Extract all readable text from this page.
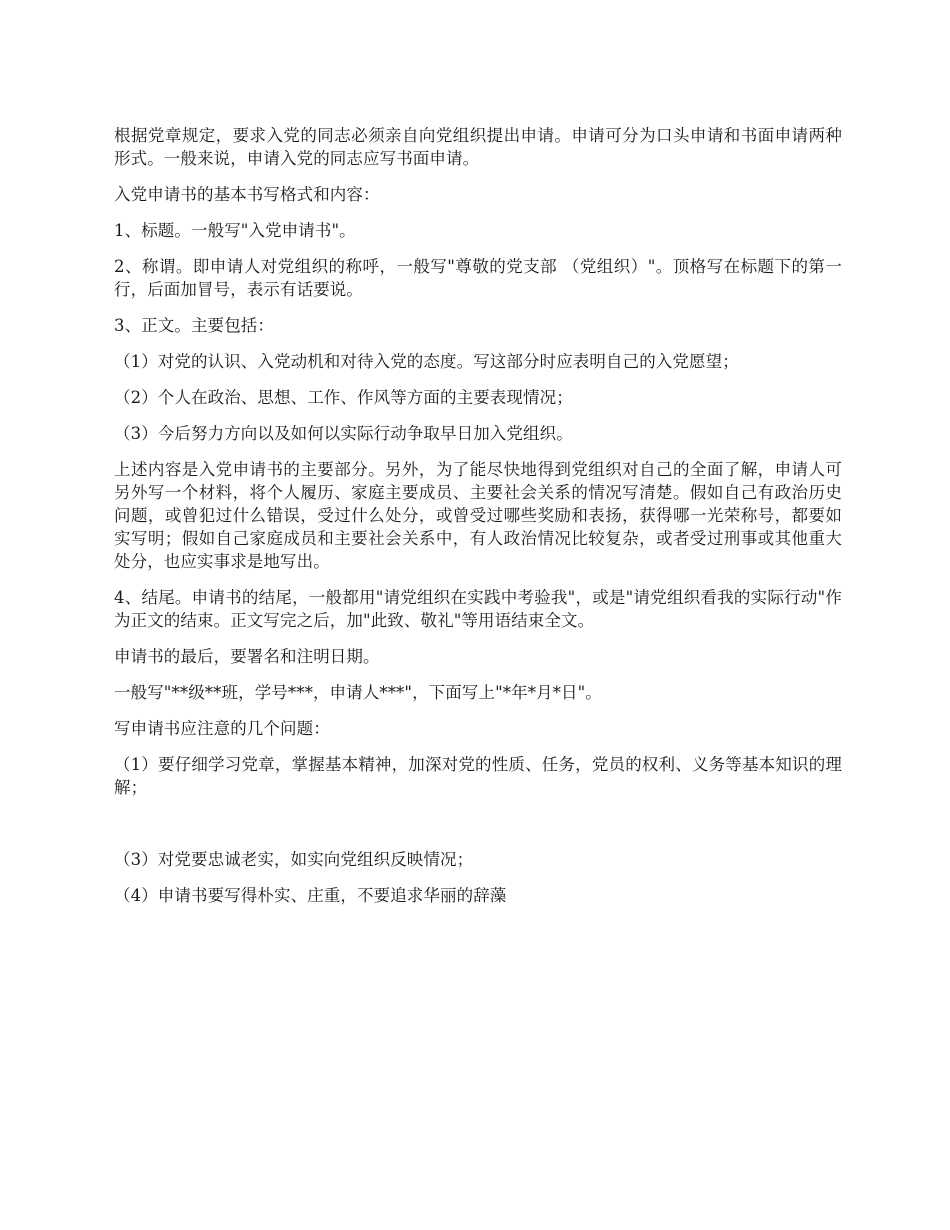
根据党章规定，要求入党的同志必须亲自向党组织提出申请。申请可分为口头申请和书面申请两种形式。一般来说，申请入党的同志应写书面申请。

入党申请书的基本书写格式和内容：

1、标题。一般写"入党申请书"。

2、称谓。即申请人对党组织的称呼，一般写"尊敬的党支部 （党组织）"。顶格写在标题下的第一行，后面加冒号，表示有话要说。

3、正文。主要包括：

（1）对党的认识、入党动机和对待入党的态度。写这部分时应表明自己的入党愿望；

（2）个人在政治、思想、工作、作风等方面的主要表现情况；

（3）今后努力方向以及如何以实际行动争取早日加入党组织。

上述内容是入党申请书的主要部分。另外，为了能尽快地得到党组织对自己的全面了解，申请人可另外写一个材料，将个人履历、家庭主要成员、主要社会关系的情况写清楚。假如自己有政治历史问题，或曾犯过什么错误，受过什么处分，或曾受过哪些奖励和表扬，获得哪一光荣称号，都要如实写明；假如自己家庭成员和主要社会关系中，有人政治情况比较复杂，或者受过刑事或其他重大处分，也应实事求是地写出。

4、结尾。申请书的结尾，一般都用"请党组织在实践中考验我"，或是"请党组织看我的实际行动"作为正文的结束。正文写完之后，加"此致、敬礼"等用语结束全文。

申请书的最后，要署名和注明日期。

一般写"**级**班，学号***，申请人***"，下面写上"*年*月*日"。

写申请书应注意的几个问题：

（1）要仔细学习党章，掌握基本精神，加深对党的性质、任务，党员的权利、义务等基本知识的理解；

（3）对党要忠诚老实，如实向党组织反映情况；

（4）申请书要写得朴实、庄重，不要追求华丽的辞藻
